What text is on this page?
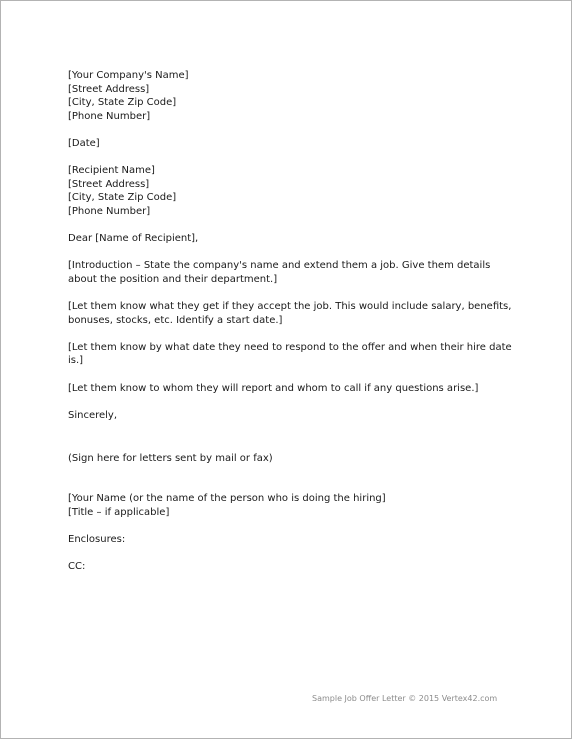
[Your Company's Name]
[Street Address]
[City, State Zip Code]
[Phone Number]
[Date]
[Recipient Name]
[Street Address]
[City, State Zip Code]
[Phone Number]
Dear [Name of Recipient],
[Introduction – State the company's name and extend them a job. Give them details about the position and their department.]
[Let them know what they get if they accept the job. This would include salary, benefits, bonuses, stocks, etc. Identify a start date.]
[Let them know by what date they need to respond to the offer and when their hire date is.]
[Let them know to whom they will report and whom to call if any questions arise.]
Sincerely,
(Sign here for letters sent by mail or fax)
[Your Name (or the name of the person who is doing the hiring]
[Title – if applicable]
Enclosures:
CC:
Sample Job Offer Letter © 2015 Vertex42.com
